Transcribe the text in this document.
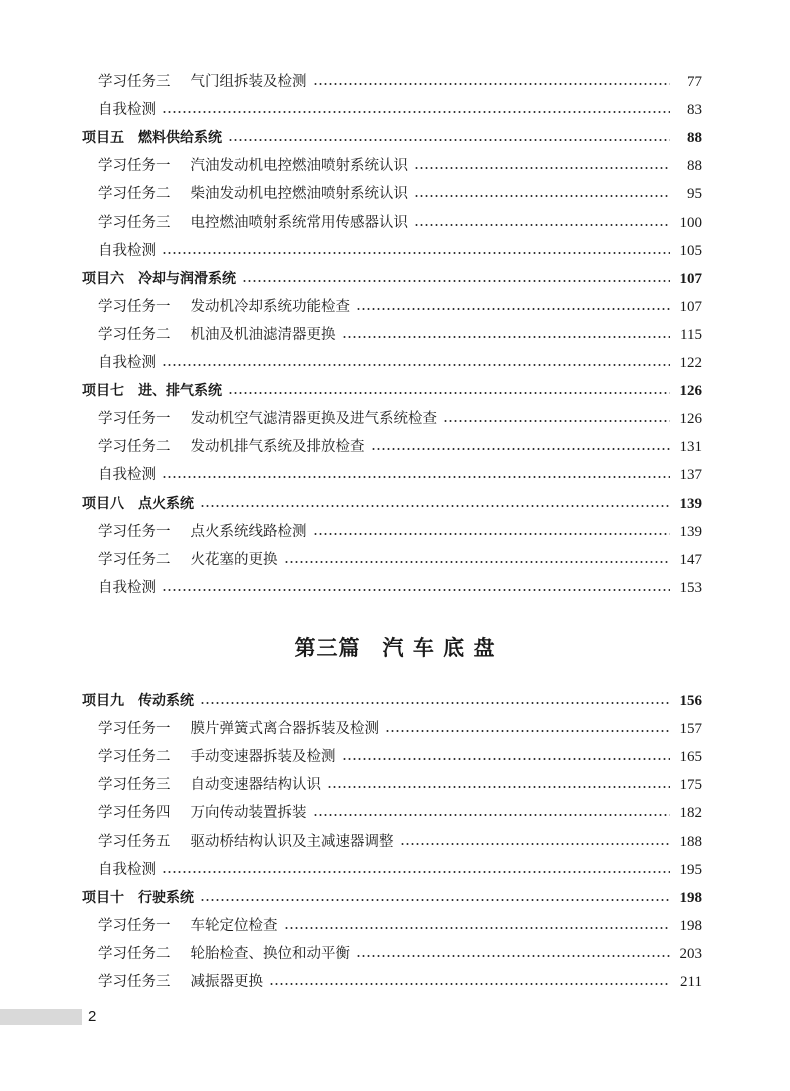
学习任务三 气门组拆装及检测	77
自我检测	83
项目五 燃料供给系统	88
学习任务一 汽油发动机电控燃油喷射系统认识	88
学习任务二 柴油发动机电控燃油喷射系统认识	95
学习任务三 电控燃油喷射系统常用传感器认识	100
自我检测	105
项目六 冷却与润滑系统	107
学习任务一 发动机冷却系统功能检查	107
学习任务二 机油及机油滤清器更换	115
自我检测	122
项目七 进、排气系统	126
学习任务一 发动机空气滤清器更换及进气系统检查	126
学习任务二 发动机排气系统及排放检查	131
自我检测	137
项目八 点火系统	139
学习任务一 点火系统线路检测	139
学习任务二 火花塞的更换	147
自我检测	153
第三篇 汽 车 底 盘
项目九 传动系统	156
学习任务一 膜片弹簧式离合器拆装及检测	157
学习任务二 手动变速器拆装及检测	165
学习任务三 自动变速器结构认识	175
学习任务四 万向传动装置拆装	182
学习任务五 驱动桥结构认识及主减速器调整	188
自我检测	195
项目十 行驶系统	198
学习任务一 车轮定位检查	198
学习任务二 轮胎检查、换位和动平衡	203
学习任务三 减振器更换	211
2
